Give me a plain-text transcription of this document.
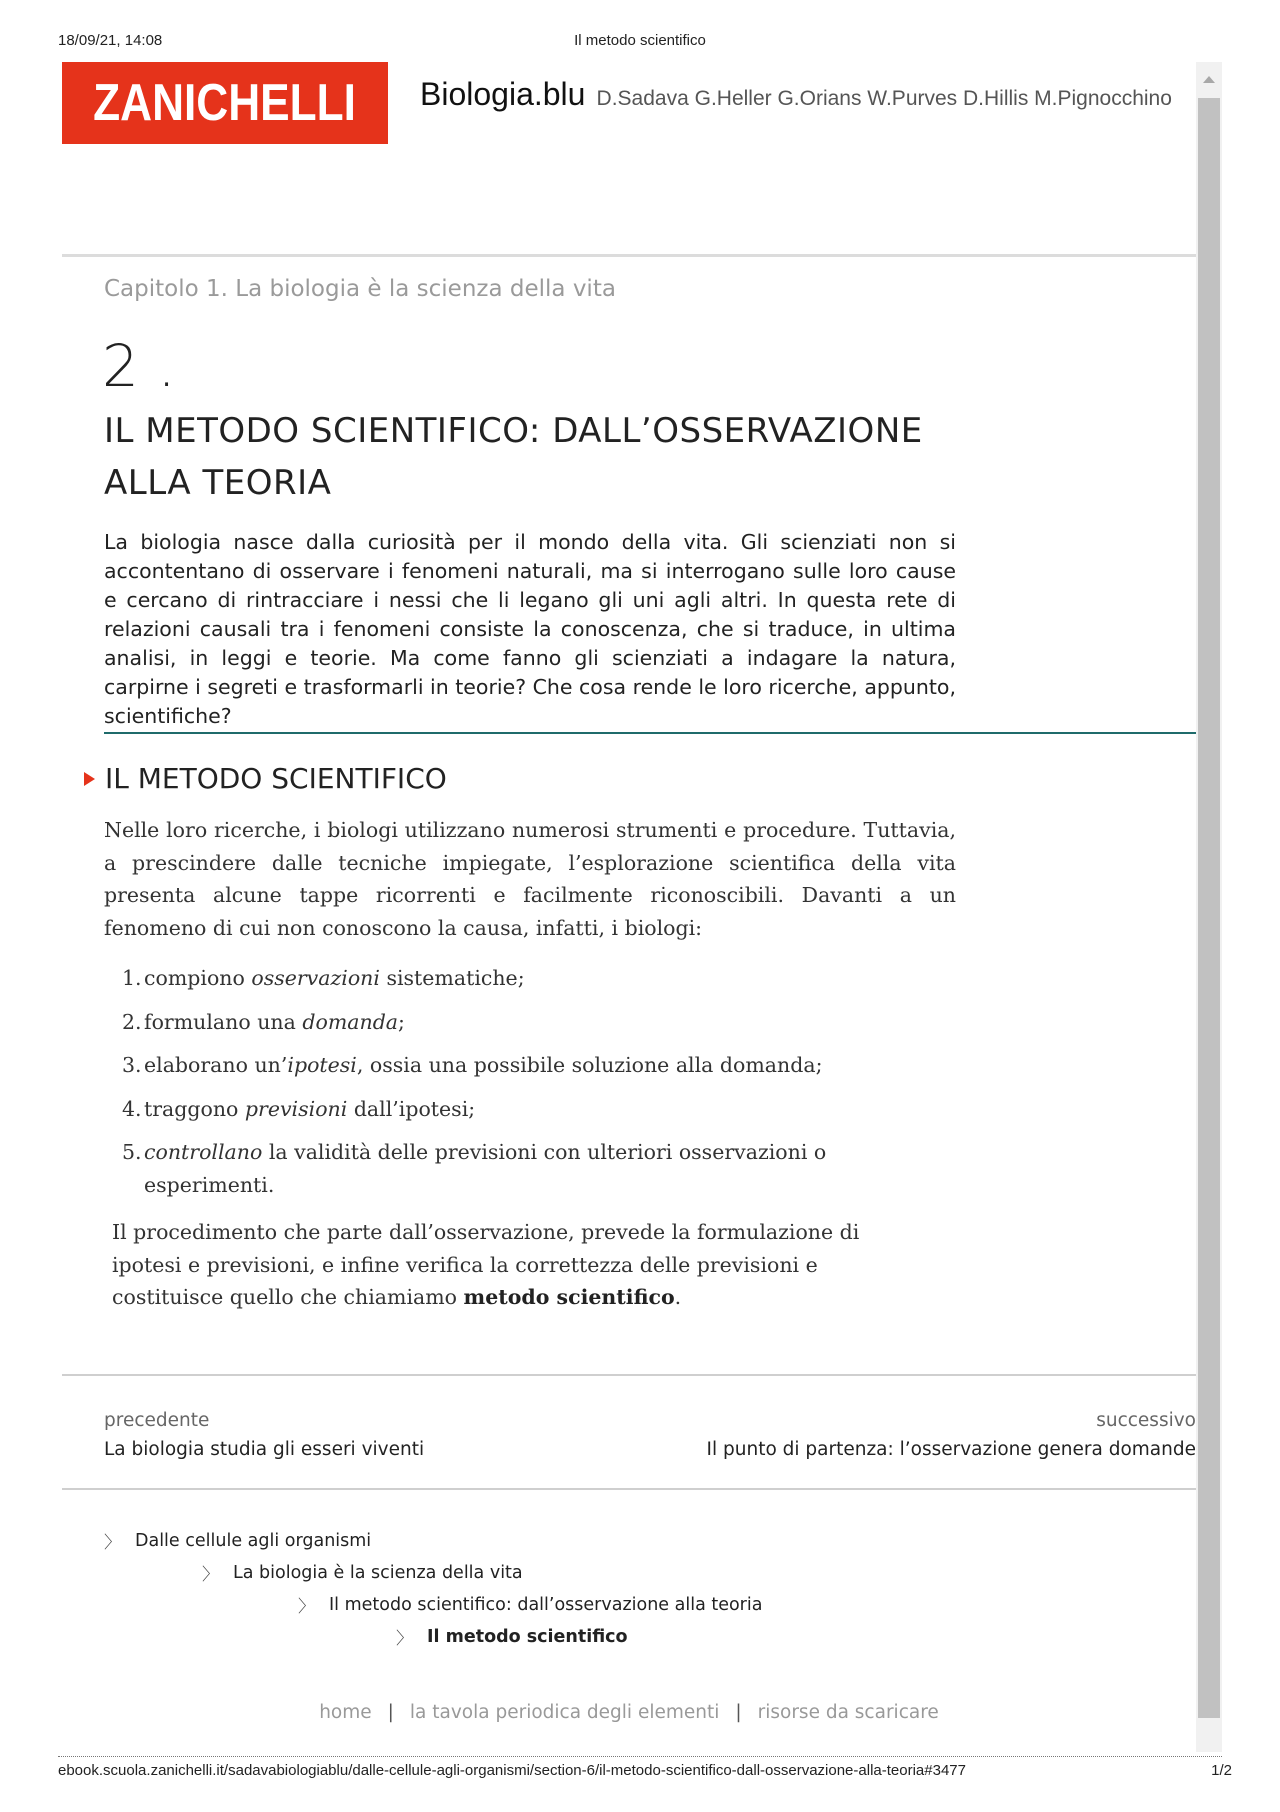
18/09/21, 14:08	Il metodo scientifico
ZANICHELLI Biologia.blu D.Sadava G.Heller G.Orians W.Purves D.Hillis M.Pignocchino
Capitolo 1. La biologia è la scienza della vita
2 .
IL METODO SCIENTIFICO: DALL’OSSERVAZIONE
ALLA TEORIA

La biologia nasce dalla curiosità per il mondo della vita. Gli scienziati non si accontentano di osservare i fenomeni naturali, ma si interrogano sulle loro cause e cercano di rintracciare i nessi che li legano gli uni agli altri. In questa rete di relazioni causali tra i fenomeni consiste la conoscenza, che si traduce, in ultima analisi, in leggi e teorie. Ma come fanno gli scienziati a indagare la natura, carpirne i segreti e trasformarli in teorie? Che cosa rende le loro ricerche, appunto, scientifiche?

IL METODO SCIENTIFICO

Nelle loro ricerche, i biologi utilizzano numerosi strumenti e procedure. Tuttavia, a prescindere dalle tecniche impiegate, l’esplorazione scientifica della vita presenta alcune tappe ricorrenti e facilmente riconoscibili. Davanti a un fenomeno di cui non conoscono la causa, infatti, i biologi:

1. compiono osservazioni sistematiche;
2. formulano una domanda;
3. elaborano un’ipotesi, ossia una possibile soluzione alla domanda;
4. traggono previsioni dall’ipotesi;
5. controllano la validità delle previsioni con ulteriori osservazioni o esperimenti.

Il procedimento che parte dall’osservazione, prevede la formulazione di ipotesi e previsioni, e infine verifica la correttezza delle previsioni e costituisce quello che chiamiamo metodo scientifico.

precedente
La biologia studia gli esseri viventi
successivo
Il punto di partenza: l’osservazione genera domande
〉 Dalle cellule agli organismi
〉 La biologia è la scienza della vita
〉 Il metodo scientifico: dall’osservazione alla teoria
〉 Il metodo scientifico
home | la tavola periodica degli elementi | risorse da scaricare
ebook.scuola.zanichelli.it/sadavabiologiablu/dalle-cellule-agli-organismi/section-6/il-metodo-scientifico-dall-osservazione-alla-teoria#3477	1/2
